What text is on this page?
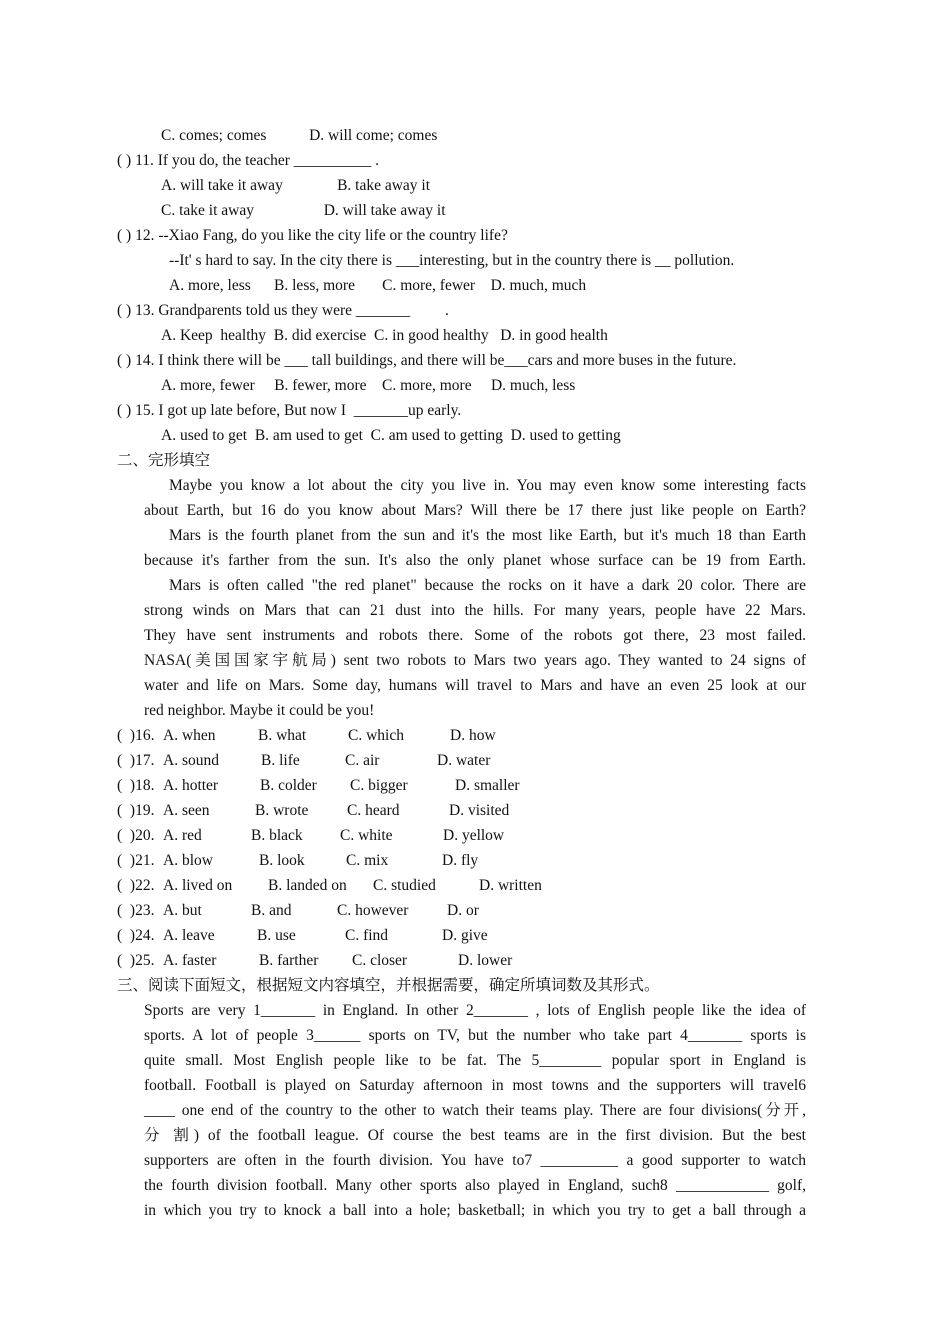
C. comes; comes           D. will come; comes
( ) 11. If you do, the teacher __________ .
A. will take it away              B. take away it
C. take it away                  D. will take away it
( ) 12. --Xiao Fang, do you like the city life or the country life?
--It' s hard to say. In the city there is ___interesting, but in the country there is __ pollution.
A. more, less      B. less, more       C. more, fewer    D. much, much
( ) 13. Grandparents told us they were _______         .
A. Keep  healthy  B. did exercise  C. in good healthy   D. in good health
( ) 14. I think there will be ___ tall buildings, and there will be___cars and more buses in the future.
A. more, fewer     B. fewer, more    C. more, more     D. much, less
( ) 15. I got up late before, But now I  _______up early.
A. used to get  B. am used to get  C. am used to getting  D. used to getting
二、完形填空
Maybe you know a lot about the city you live in. You may even know some interesting facts
about Earth, but 16 do you know about Mars? Will there be 17 there just like people on Earth?
Mars is the fourth planet from the sun and it's the most like Earth, but it's much 18 than Earth
because it's farther from the sun. It's also the only planet whose surface can be 19 from Earth.
Mars is often called "the red planet" because the rocks on it have a dark 20 color. There are
strong winds on Mars that can 21 dust into the hills. For many years, people have 22 Mars.
They have sent instruments and robots there. Some of the robots got there, 23 most failed.
NASA(美国国家宇航局) sent two robots to Mars two years ago. They wanted to 24 signs of
water and life on Mars. Some day, humans will travel to Mars and have an even 25 look at our
red neighbor. Maybe it could be you!
(  )16. A. when	B. what	C. which	D. how
(  )17. A. sound	B. life	C. air	D. water
(  )18. A. hotter	B. colder C. bigger	D. smaller
(  )19. A. seen	B. wrote C. heard	D. visited
(  )20. A. red	B. black C. white	D. yellow
(  )21. A. blow	B. look	C. mix	D. fly
(  )22. A. lived on B. landed on C. studied	D. written
(  )23. A. but	B. and	C. however D. or
(  )24. A. leave	B. use	C. find	D. give
(  )25. A. faster	B. farther C. closer	D. lower
三、阅读下面短文，根据短文内容填空，并根据需要，确定所填词数及其形式。
Sports are very 1_______ in England. In other 2_______ , lots of English people like the idea of
sports. A lot of people 3______ sports on TV, but the number who take part 4_______ sports is
quite small. Most English people like to be fat. The 5________ popular sport in England is
football. Football is played on Saturday afternoon in most towns and the supporters will travel6
____ one end of the country to the other to watch their teams play. There are four divisions(分开,
分 割) of the football league. Of course the best teams are in the first division. But the best
supporters are often in the fourth division. You have to7 __________ a good supporter to watch
the fourth division football. Many other sports also played in England, such8 ____________ golf,
in which you try to knock a ball into a hole; basketball; in which you try to get a ball through a
